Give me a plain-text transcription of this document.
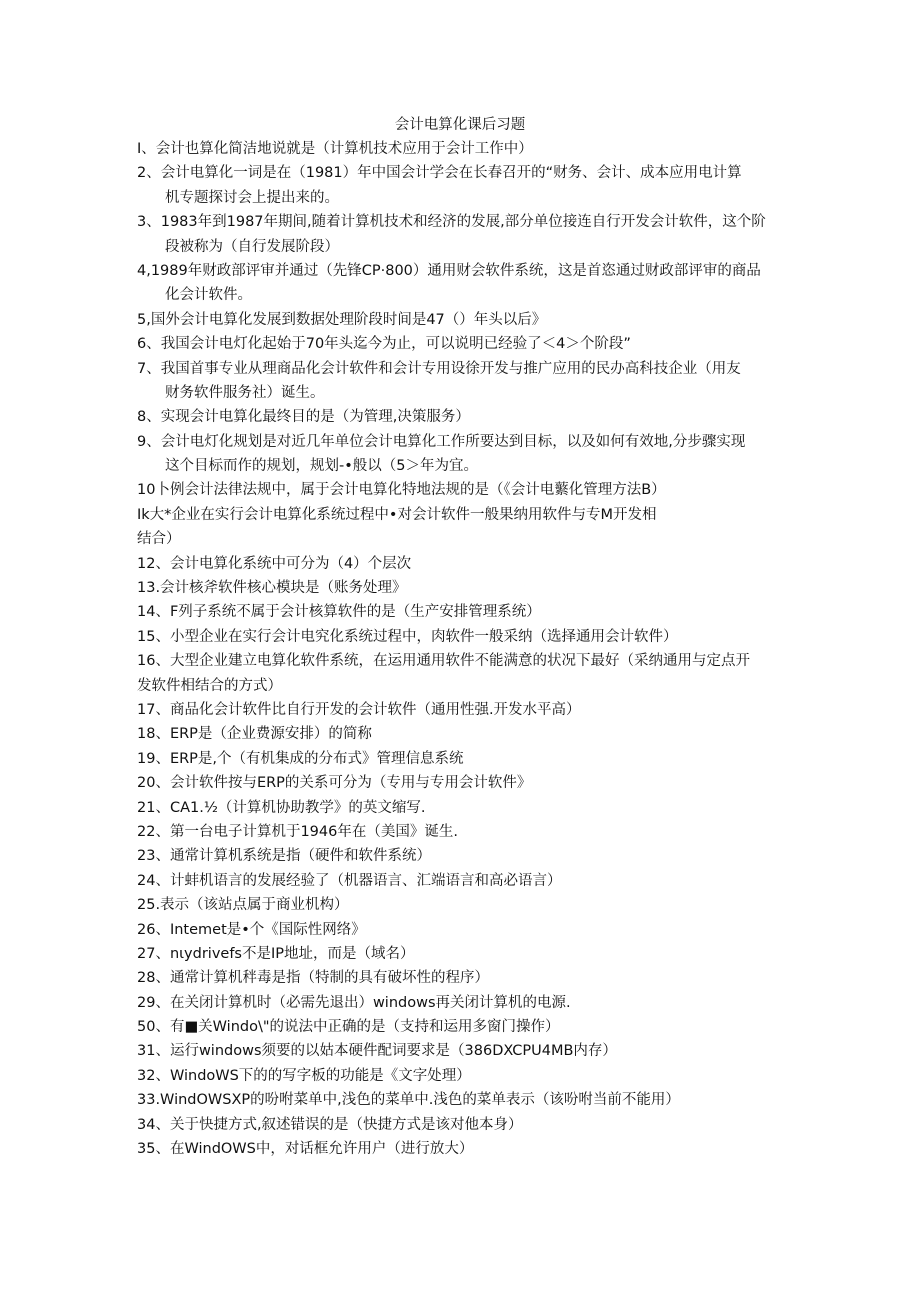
会计电算化课后习题
I、会计也算化简洁地说就是（计算机技术应用于会计工作中）
2、会计电算化一词是在（1981）年中国会计学会在长春召开的“财务、会计、成本应用电计算
机专题探讨会上提出来的。
3、1983年到1987年期间,随着计算机技术和经济的发展,部分单位接连自行开发会计软件，这个阶
段被称为（自行发展阶段）
4,1989年财政部评审并通过（先锋CP·800）通用财会软件系统，这是首恣通过财政部评审的商品
化会计软件。
5,国外会计电算化发展到数据处理阶段时间是47（）年头以后》
6、我国会计电灯化起始于70年头迄今为止，可以说明已经验了＜4＞个阶段”
7、我国首事专业从理商品化会计软件和会计专用设徐开发与推广应用的民办高科技企业（用友
财务软件服务社）诞生。
8、实现会计电算化最终目的是（为管理,决策服务）
9、会计电灯化规划是对近几年单位会计电算化工作所要达到目标，以及如何有效地,分步骤实现
这个目标而作的规划，规划-•般以（5＞年为宜。
10卜例会计法律法规中，属于会计电算化特地法规的是（《会计电蘩化管理方法B）
Ik大*企业在实行会计电算化系统过程中•对会计软件一般果纳用软件与专M开发相
结合）
12、会计电算化系统中可分为（4）个层次
13.会计核斧软件核心模块是（账务处理》
14、F列子系统不属于会计核算软件的是（生产安排管理系统）
15、小型企业在实行会计电究化系统过程中，肉软件一般采纳（选择通用会计软件）
16、大型企业建立电算化软件系统，在运用通用软件不能满意的状况下最好（采纳通用与定点开
发软件相结合的方式）
17、商品化会计软件比自行开发的会计软件（通用性强.开发水平高）
18、ERP是（企业费源安排）的简称
19、ERP是,个（有机集成的分布式》管理信息系统
20、会计软件按与ERP的关系可分为（专用与专用会计软件》
21、CA1.½（计算机协助教学》的英文缩写.
22、第一台电子计算机于1946年在（美国》诞生.
23、通常计算机系统是指（硬件和软件系统）
24、计蚌机语言的发展经验了（机器语言、汇端语言和高必语言）
25.表示（该站点属于商业机构）
26、Intemet是•个《国际性网络》
27、nιydrivefs不是IP地址，而是（域名）
28、通常计算机秚毒是指（特制的具有破坏性的程序）
29、在关闭计算机时（必需先退出）windows再关闭计算机的电源.
50、有■关Windo\"的说法中正确的是（支持和运用多窗门操作）
31、运行windows须要的以姑本硬件配词要求是（386DXCPU4MB内存）
32、WindoWS下的的写字板的功能是《文字处理）
33.WindOWSXP的吩咐菜单中,浅色的菜单中.浅色的菜单表示（该吩咐当前不能用）
34、关于快捷方式,叙述错误的是（快捷方式是该对他本身）
35、在WindOWS中，对话框允许用户（进行放大）
